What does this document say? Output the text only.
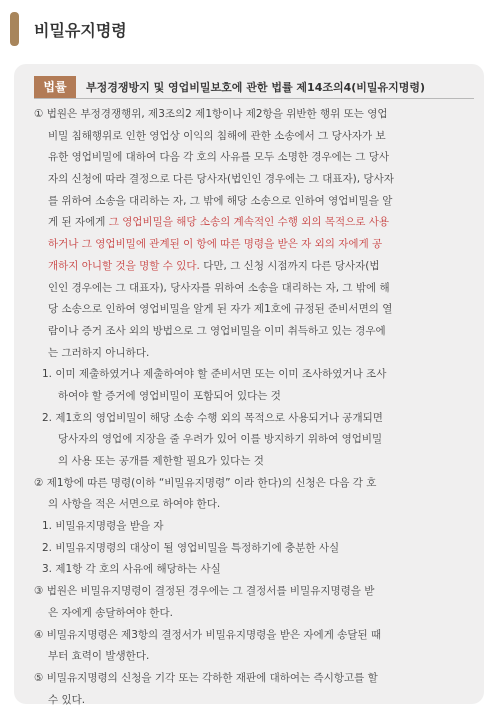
비밀유지명령
법률	부정경쟁방지 및 영업비밀보호에 관한 법률 제14조의4(비밀유지명령)
① 법원은 부정경쟁행위, 제3조의2 제1항이나 제2항을 위반한 행위 또는 영업
비밀 침해행위로 인한 영업상 이익의 침해에 관한 소송에서 그 당사자가 보
유한 영업비밀에 대하여 다음 각 호의 사유를 모두 소명한 경우에는 그 당사
자의 신청에 따라 결정으로 다른 당사자(법인인 경우에는 그 대표자), 당사자
를 위하여 소송을 대리하는 자, 그 밖에 해당 소송으로 인하여 영업비밀을 알
게 된 자에게 그 영업비밀을 해당 소송의 계속적인 수행 외의 목적으로 사용
하거나 그 영업비밀에 관계된 이 항에 따른 명령을 받은 자 외의 자에게 공
개하지 아니할 것을 명할 수 있다. 다만, 그 신청 시점까지 다른 당사자(법
인인 경우에는 그 대표자), 당사자를 위하여 소송을 대리하는 자, 그 밖에 해
당 소송으로 인하여 영업비밀을 알게 된 자가 제1호에 규정된 준비서면의 열
람이나 증거 조사 외의 방법으로 그 영업비밀을 이미 취득하고 있는 경우에
는 그러하지 아니하다.
1. 이미 제출하였거나 제출하여야 할 준비서면 또는 이미 조사하였거나 조사
하여야 할 증거에 영업비밀이 포함되어 있다는 것
2. 제1호의 영업비밀이 해당 소송 수행 외의 목적으로 사용되거나 공개되면
당사자의 영업에 지장을 줄 우려가 있어 이를 방지하기 위하여 영업비밀
의 사용 또는 공개를 제한할 필요가 있다는 것
② 제1항에 따른 명령(이하 “비밀유지명령” 이라 한다)의 신청은 다음 각 호
의 사항을 적은 서면으로 하여야 한다.
1. 비밀유지명령을 받을 자
2. 비밀유지명령의 대상이 될 영업비밀을 특정하기에 충분한 사실
3. 제1항 각 호의 사유에 해당하는 사실
③ 법원은 비밀유지명령이 결정된 경우에는 그 결정서를 비밀유지명령을 받
은 자에게 송달하여야 한다.
④ 비밀유지명령은 제3항의 결정서가 비밀유지명령을 받은 자에게 송달된 때
부터 효력이 발생한다.
⑤ 비밀유지명령의 신청을 기각 또는 각하한 재판에 대하여는 즉시항고를 할
수 있다.
